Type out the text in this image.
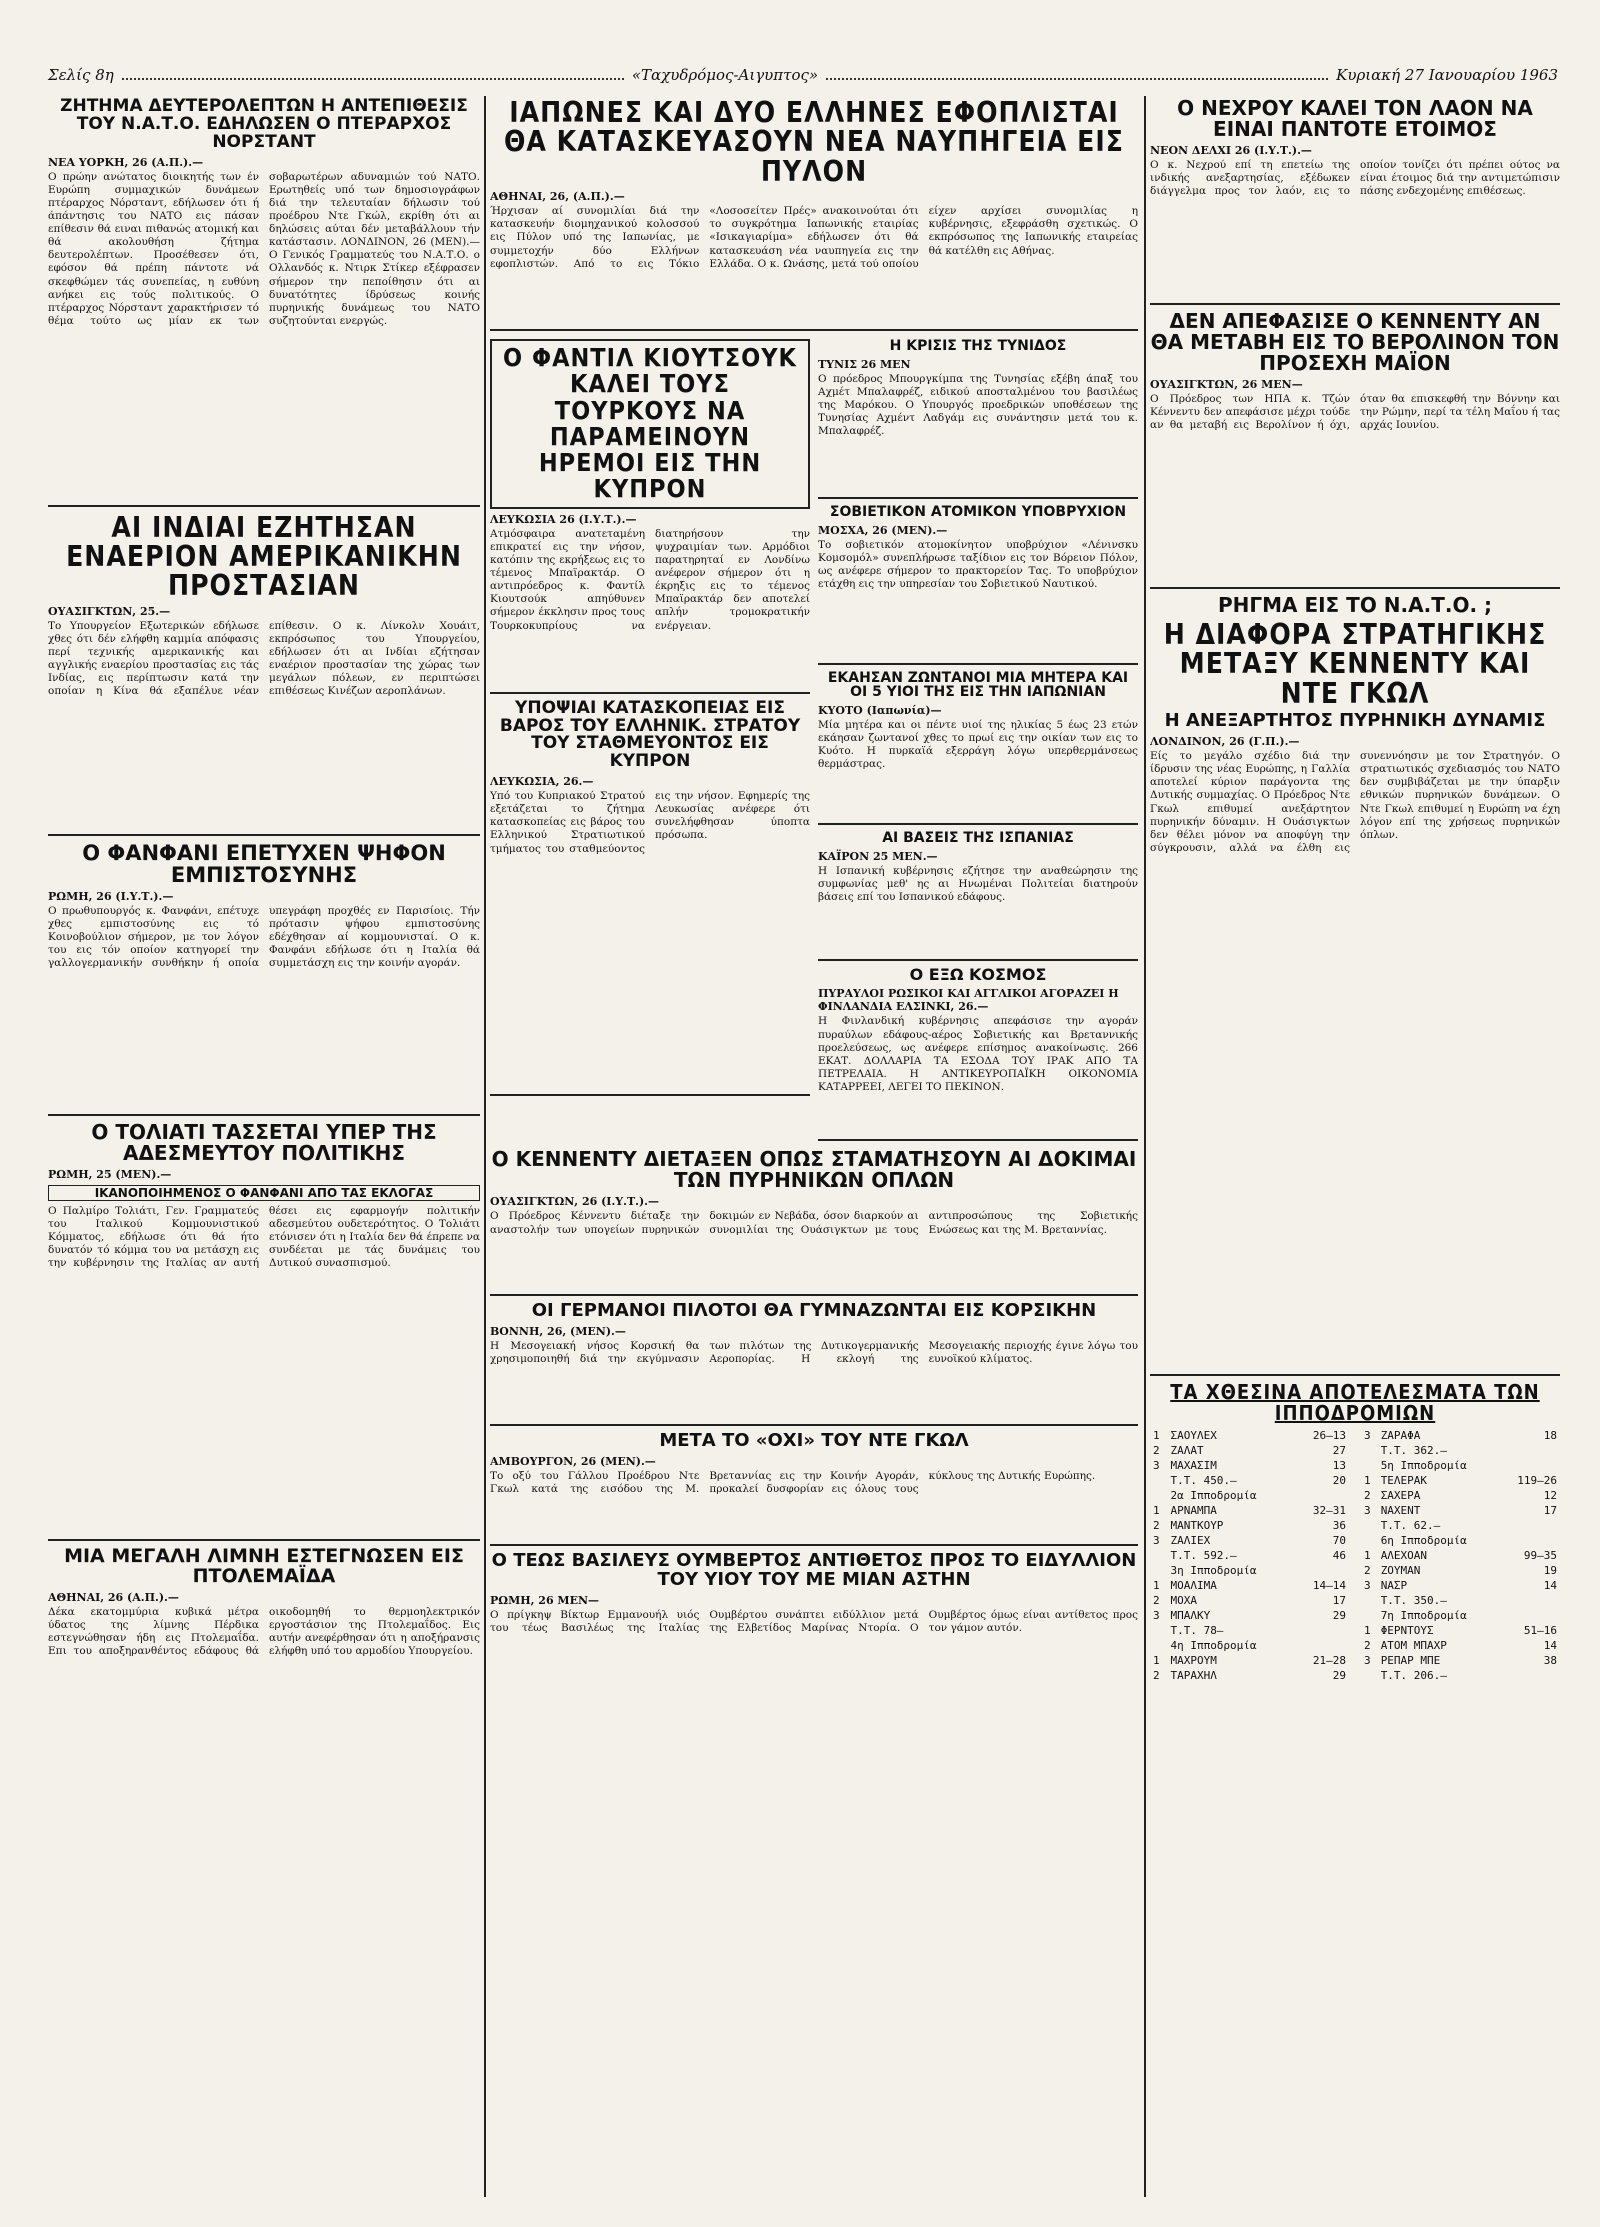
Σελίς 8η	«Ταχυδρόμος-Αιγυπτος»	Κυριακή 27 Ιανουαρίου 1963
ΖΗΤΗΜΑ ΔΕΥΤΕΡΟΛΕΠΤΩΝ Η ΑΝΤΕΠΙΘΕΣΙΣ ΤΟΥ Ν.Α.Τ.Ο. ΕΔΗΛΩΣΕΝ Ο ΠΤΕΡΑΡΧΟΣ ΝΟΡΣΤΑΝΤ
ΝΕΑ ΥΟΡΚΗ, 26 (Α.Π.).—
Ο πρώην ανώτατος διοικητής των έν Ευρώπη συμμαχικών δυνάμεων πτέραρχος Νόρσταντ, εδήλωσεν ότι ή άπάντησις του ΝΑΤΟ εις πάσαν επίθεσιν θά ειναι πιθανώς ατομική και θά ακολουθήση ζήτημα δευτερολέπτων. Προσέθεσεν ότι, εφόσον θά πρέπη πάντοτε νά σκεφθώμεν τάς συνεπείας, η ευθύνη ανήκει εις τούς πολιτικούς. Ο πτέραρχος Νόρσταντ χαρακτήρισεν τό θέμα τούτο ως μίαν εκ των σοβαρωτέρων αδυναμιών τού ΝΑΤΟ. Ερωτηθείς υπό των δημοσιογράφων διά την τελευταίαν δήλωσιν τού προέδρου Ντε Γκώλ, εκρίθη ότι αι δηλώσεις αύται δέν μεταβάλλουν τήν κατάστασιν. ΛΟΝΔΙΝΟΝ, 26 (ΜΕΝ).— Ο Γενικός Γραμματεύς του Ν.Α.Τ.Ο. ο Ολλανδός κ. Ντιρκ Στίκερ εξέφρασεν σήμερον την πεποίθησιν ότι αι δυνατότητες ίδρύσεως κοινής πυρηνικής δυνάμεως του ΝΑΤΟ συζητούνται ενεργώς.
ΑΙ ΙΝΔΙΑΙ ΕΖΗΤΗΣΑΝ ΕΝΑΕΡΙΟΝ ΑΜΕΡΙΚΑΝΙΚΗΝ ΠΡΟΣΤΑΣΙΑΝ
ΟΥΑΣΙΓΚΤΩΝ, 25.—
Το Υπουργείον Εξωτερικών εδήλωσε χθες ότι δέν ελήφθη καμμία απόφασις περί τεχνικής αμερικανικής και αγγλικής εναερίου προστασίας εις τάς Ινδίας, εις περίπτωσιν κατά την οποίαν η Κίνα θά εξαπέλυε νέαν επίθεσιν. Ο κ. Λίνκολν Χουάιτ, εκπρόσωπος του Υπουργείου, εδήλωσεν ότι αι Ινδίαι εζήτησαν εναέριον προστασίαν της χώρας των μεγάλων πόλεων, εν περιπτώσει επιθέσεως Κινέζων αεροπλάνων.
Ο ΦΑΝΦΑΝΙ ΕΠΕΤΥΧΕΝ ΨΗΦΟΝ ΕΜΠΙΣΤΟΣΥΝΗΣ
ΡΩΜΗ, 26 (Ι.Υ.Τ.).—
Ο πρωθυπουργός κ. Φανφάνι, επέτυχε χθες εμπιστοσύνης εις τό Κοινοβούλιον σήμερον, με τον λόγον του εις τόν οποίον κατηγορεί την γαλλογερμανικήν συνθήκην ή οποία υπεγράφη προχθές εν Παρισίοις. Τήν πρότασιν ψήφου εμπιστοσύνης εδέχθησαν αί κομμουνισταί. Ο κ. Φανφάνι εδήλωσε ότι η Ιταλία θά συμμετάσχη εις την κοινήν αγοράν.
Ο ΤΟΛΙΑΤΙ ΤΑΣΣΕΤΑΙ ΥΠΕΡ ΤΗΣ ΑΔΕΣΜΕΥΤΟΥ ΠΟΛΙΤΙΚΗΣ
ΡΩΜΗ, 25 (ΜΕΝ).—
ΙΚΑΝΟΠΟΙΗΜΕΝΟΣ Ο ΦΑΝΦΑΝΙ ΑΠΟ ΤΑΣ ΕΚΛΟΓΑΣ
Ο Παλμίρο Τολιάτι, Γεν. Γραμματεύς του Ιταλικού Κομμουνιστικού Κόμματος, εδήλωσε ότι θά ήτο δυνατόν τό κόμμα του να μετάσχη εις την κυβέρνησιν της Ιταλίας αν αυτή θέσει εις εφαρμογήν πολιτικήν αδεσμεύτου ουδετερότητος. Ο Τολιάτι ετόνισεν ότι η Ιταλία δεν θά έπρεπε να συνδέεται με τάς δυνάμεις του Δυτικού συνασπισμού.
ΜΙΑ ΜΕΓΑΛΗ ΛΙΜΝΗ ΕΣΤΕΓΝΩΣΕΝ ΕΙΣ ΠΤΟΛΕΜΑΪΔΑ
ΑΘΗΝΑΙ, 26 (Α.Π.).—
Δέκα εκατομμύρια κυβικά μέτρα ύδατος της λίμνης Πέρδικα εστεγνώθησαν ήδη εις Πτολεμαΐδα. Επι του αποξηρανθέντος εδάφους θά οικοδομηθή το θερμοηλεκτρικόν εργοστάσιον της Πτολεμαΐδος. Εις αυτήν ανεφέρθησαν ότι η αποξήρανσις ελήφθη υπό του αρμοδίου Υπουργείου.
ΙΑΠΩΝΕΣ ΚΑΙ ΔΥΟ ΕΛΛΗΝΕΣ ΕΦΟΠΛΙΣΤΑΙ ΘΑ ΚΑΤΑΣΚΕΥΑΣΟΥΝ ΝΕΑ ΝΑΥΠΗΓΕΙΑ ΕΙΣ ΠΥΛΟΝ
ΑΘΗΝΑΙ, 26, (Α.Π.).—
Ήρχισαν αί συνομιλίαι διά την κατασκευήν διομηχανικού κολοσσού εις Πύλον υπό της Ιαπωνίας, με συμμετοχήν δύο Ελλήνων εφοπλιστών. Από το εις Τόκιο «Λοσοσείτεν Πρές» ανακοινούται ότι το συγκρότημα Ιαπωνικής εταιρίας «Ισικαγιαρίμα» εδήλωσεν ότι θά κατασκευάση νέα ναυπηγεία εις την Ελλάδα. Ο κ. Ωνάσης, μετά τού οποίου είχεν αρχίσει συνομιλίας η κυβέρνησις, εξεφράσθη σχετικώς. Ο εκπρόσωπος της Ιαπωνικής εταιρείας θά κατέλθη εις Αθήνας.
Ο ΦΑΝΤΙΛ ΚΙΟΥΤΣΟΥΚ ΚΑΛΕΙ ΤΟΥΣ ΤΟΥΡΚΟΥΣ ΝΑ ΠΑΡΑΜΕΙΝΟΥΝ ΗΡΕΜΟΙ ΕΙΣ ΤΗΝ ΚΥΠΡΟΝ
ΛΕΥΚΩΣΙΑ 26 (Ι.Υ.Τ.).—
Ατμόσφαιρα ανατεταμένη επικρατεί εις την νήσον, κατόπιν της εκρήξεως εις το τέμενος Μπαϊρακτάρ. Ο αντιπρόεδρος κ. Φαντίλ Κιουτσούκ απηύθυνεν σήμερον έκκλησιν προς τους Τουρκοκυπρίους να διατηρήσουν την ψυχραιμίαν των. Αρμόδιοι παρατηρηταί εν Λονδίνω ανέφερον σήμερον ότι η έκρηξις εις το τέμενος Μπαϊρακτάρ δεν αποτελεί απλήν τρομοκρατικήν ενέργειαν.
ΥΠΟΨΙΑΙ ΚΑΤΑΣΚΟΠΕΙΑΣ ΕΙΣ ΒΑΡΟΣ ΤΟΥ ΕΛΛΗΝΙΚ. ΣΤΡΑΤΟΥ ΤΟΥ ΣΤΑΘΜΕΥΟΝΤΟΣ ΕΙΣ ΚΥΠΡΟΝ
ΛΕΥΚΩΣΙΑ, 26.—
Υπό του Κυπριακού Στρατού εξετάζεται το ζήτημα κατασκοπείας εις βάρος του Ελληνικού Στρατιωτικού τμήματος του σταθμεύοντος εις την νήσον. Εφημερίς της Λευκωσίας ανέφερε ότι συνελήφθησαν ύποπτα πρόσωπα.
Η ΚΡΙΣΙΣ ΤΗΣ ΤΥΝΙΔΟΣ
ΤΥΝΙΣ 26 ΜΕΝ
Ο πρόεδρος Μπουργκίμπα της Τυνησίας εξέβη άπαξ του Αχμέτ Μπαλαφρέζ, ειδικού αποσταλμένου του βασιλέως της Μαρόκου. Ο Υπουργός προεδρικών υποθέσεων της Τυνησίας Αχμέντ Λαδγάμ εις συνάντησιν μετά του κ. Μπαλαφρέζ.
ΣΟΒΙΕΤΙΚΟΝ ΑΤΟΜΙΚΟΝ ΥΠΟΒΡΥΧΙΟΝ
ΜΟΣΧΑ, 26 (ΜΕΝ).—
Το σοβιετικόν ατομοκίνητον υποβρύχιον «Λένινσκυ Κομσομόλ» συνεπλήρωσε ταξίδιον εις τον Βόρειον Πόλον, ως ανέφερε σήμερον το πρακτορείον Τας. Το υποβρύχιον ετάχθη εις την υπηρεσίαν του Σοβιετικού Ναυτικού.
ΕΚΑΗΣΑΝ ΖΩΝΤΑΝΟΙ ΜΙΑ ΜΗΤΕΡΑ ΚΑΙ ΟΙ 5 ΥΙΟΙ ΤΗΣ ΕΙΣ ΤΗΝ ΙΑΠΩΝΙΑΝ
ΚΥΟΤΟ (Ιαπωνία)—
Μία μητέρα και οι πέντε υιοί της ηλικίας 5 έως 23 ετών εκάησαν ζωντανοί χθες το πρωί εις την οικίαν των εις το Κυότο. Η πυρκαϊά εξερράγη λόγω υπερθερμάνσεως θερμάστρας.
ΑΙ ΒΑΣΕΙΣ ΤΗΣ ΙΣΠΑΝΙΑΣ
ΚΑΪΡΟΝ 25 ΜΕΝ.—
Η Ισπανική κυβέρνησις εζήτησε την αναθεώρησιν της συμφωνίας μεθ' ης αι Ηνωμέναι Πολιτείαι διατηρούν βάσεις επί του Ισπανικού εδάφους.
Ο ΕΞΩ ΚΟΣΜΟΣ
ΠΥΡΑΥΛΟΙ ΡΩΣΙΚΟΙ ΚΑΙ ΑΓΓΛΙΚΟΙ ΑΓΟΡΑΖΕΙ Η ΦΙΝΛΑΝΔΙΑ ΕΛΣΙΝΚΙ, 26.—
Η Φινλανδική κυβέρνησις απεφάσισε την αγοράν πυραύλων εδάφους-αέρος Σοβιετικής και Βρεταννικής προελεύσεως, ως ανέφερε επίσημος ανακοίνωσις. 266 ΕΚΑΤ. ΔΟΛΛΑΡΙΑ ΤΑ ΕΣΟΔΑ ΤΟΥ ΙΡΑΚ ΑΠΟ ΤΑ ΠΕΤΡΕΛΑΙΑ. Η ΑΝΤΙΚΕΥΡΟΠΑΪΚΗ ΟΙΚΟΝΟΜΙΑ ΚΑΤΑΡΡΕΕΙ, ΛΕΓΕΙ ΤΟ ΠΕΚΙΝΟΝ.
Ο ΚΕΝΝΕΝΤΥ ΔΙΕΤΑΞΕΝ ΟΠΩΣ ΣΤΑΜΑΤΗΣΟΥΝ ΑΙ ΔΟΚΙΜΑΙ ΤΩΝ ΠΥΡΗΝΙΚΩΝ ΟΠΛΩΝ
ΟΥΑΣΙΓΚΤΩΝ, 26 (Ι.Υ.Τ.).—
Ο Πρόεδρος Κέννεντυ διέταξε την αναστολήν των υπογείων πυρηνικών δοκιμών εν Νεβάδα, όσον διαρκούν αι συνομιλίαι της Ουάσιγκτων με τους αντιπροσώπους της Σοβιετικής Ενώσεως και της Μ. Βρεταννίας.
ΟΙ ΓΕΡΜΑΝΟΙ ΠΙΛΟΤΟΙ ΘΑ ΓΥΜΝΑΖΩΝΤΑΙ ΕΙΣ ΚΟΡΣΙΚΗΝ
ΒΟΝΝΗ, 26, (ΜΕΝ).—
Η Μεσογειακή νήσος Κορσική θα χρησιμοποιηθή διά την εκγύμνασιν των πιλότων της Δυτικογερμανικής Αεροπορίας. Η εκλογή της Μεσογειακής περιοχής έγινε λόγω του ευνοϊκού κλίματος.
ΜΕΤΑ ΤΟ «ΟΧΙ» ΤΟΥ ΝΤΕ ΓΚΩΛ
ΑΜΒΟΥΡΓΟΝ, 26 (ΜΕΝ).—
Το οξύ του Γάλλου Προέδρου Ντε Γκωλ κατά της εισόδου της Μ. Βρεταννίας εις την Κοινήν Αγοράν, προκαλεί δυσφορίαν εις όλους τους κύκλους της Δυτικής Ευρώπης.
Ο ΤΕΩΣ ΒΑΣΙΛΕΥΣ ΟΥΜΒΕΡΤΟΣ ΑΝΤΙΘΕΤΟΣ ΠΡΟΣ ΤΟ ΕΙΔΥΛΛΙΟΝ ΤΟΥ ΥΙΟΥ ΤΟΥ ΜΕ ΜΙΑΝ ΑΣΤΗΝ
ΡΩΜΗ, 26 ΜΕΝ—
Ο πρίγκηψ Βίκτωρ Εμμανουήλ υιός του τέως Βασιλέως της Ιταλίας Ουμβέρτου συνάπτει ειδύλλιον μετά της Ελβετίδος Μαρίνας Ντορία. Ο Ουμβέρτος όμως είναι αντίθετος προς τον γάμον αυτόν.
Ο ΝΕΧΡΟΥ ΚΑΛΕΙ ΤΟΝ ΛΑΟΝ ΝΑ ΕΙΝΑΙ ΠΑΝΤΟΤΕ ΕΤΟΙΜΟΣ
ΝΕΟΝ ΔΕΛΧΙ 26 (Ι.Υ.Τ.).—
Ο κ. Νεχρού επί τη επετείω της ινδικής ανεξαρτησίας, εξέδωκεν διάγγελμα προς τον λαόν, εις το οποίον τονίζει ότι πρέπει ούτος να είναι έτοιμος διά την αντιμετώπισιν πάσης ενδεχομένης επιθέσεως.
ΔΕΝ ΑΠΕΦΑΣΙΣΕ Ο ΚΕΝΝΕΝΤΥ ΑΝ ΘΑ ΜΕΤΑΒΗ ΕΙΣ ΤΟ ΒΕΡΟΛΙΝΟΝ ΤΟΝ ΠΡΟΣΕΧΗ ΜΑΪΟΝ
ΟΥΑΣΙΓΚΤΩΝ, 26 ΜΕΝ—
Ο Πρόεδρος των ΗΠΑ κ. Τζών Κέννεντυ δεν απεφάσισε μέχρι τούδε αν θα μεταβή εις Βερολίνον ή όχι, όταν θα επισκεφθή την Βόννην και την Ρώμην, περί τα τέλη Μαΐου ή τας αρχάς Ιουνίου.
ΡΗΓΜΑ ΕΙΣ ΤΟ Ν.Α.Τ.Ο. ;
Η ΔΙΑΦΟΡΑ ΣΤΡΑΤΗΓΙΚΗΣ ΜΕΤΑΞΥ ΚΕΝΝΕΝΤΥ ΚΑΙ ΝΤΕ ΓΚΩΛ
Η ΑΝΕΞΑΡΤΗΤΟΣ ΠΥΡΗΝΙΚΗ ΔΥΝΑΜΙΣ
ΛΟΝΔΙΝΟΝ, 26 (Γ.Π.).—
Είς το μεγάλο σχέδιο διά την ίδρυσιν της νέας Ευρώπης, η Γαλλία αποτελεί κύριον παράγοντα της Δυτικής συμμαχίας. Ο Πρόεδρος Ντε Γκωλ επιθυμεί ανεξάρτητον πυρηνικήν δύναμιν. Η Ουάσιγκτων δεν θέλει μόνον να αποφύγη την σύγκρουσιν, αλλά να έλθη εις συνεννόησιν με τον Στρατηγόν. Ο στρατιωτικός σχεδιασμός του ΝΑΤΟ δεν συμβιβάζεται με την ύπαρξιν εθνικών πυρηνικών δυνάμεων. Ο Ντε Γκωλ επιθυμεί η Ευρώπη να έχη λόγον επί της χρήσεως πυρηνικών όπλων.
ΤΑ ΧΘΕΣΙΝΑ ΑΠΟΤΕΛΕΣΜΑΤΑ ΤΩΝ ΙΠΠΟΔΡΟΜΙΩΝ
1	ΣΑΟΥΛΕΧ	26—13
2	ΖΑΛΑΤ	27
3	ΜΑΧΑΣΙΜ	13
	Τ.Τ. 450.—	20
	2α Ιπποδρομία	
1	ΑΡΝΑΜΠΑ	32—31
2	ΜΑΝΤΚΟΥΡ	36
3	ΖΑΛΙΕΧ	70
	Τ.Τ. 592.—	46
	3η Ιπποδρομία	
1	ΜΟΑΛΙΜΑ	14—14
2	ΜΟΧΑ	17
3	ΜΠΑΛΚΥ	29
	Τ.Τ. 78—	
	4η Ιπποδρομία	
1	ΜΑΧΡΟΥΜ	21—28
2	ΤΑΡΑΧΗΛ	29
3	ΖΑΡΑΦΑ	18
	Τ.Τ. 362.—	
	5η Ιπποδρομία	
1	ΤΕΛΕΡΑΚ	119—26
2	ΣΑΧΕΡΑ	12
3	ΝΑΧΕΝΤ	17
	Τ.Τ. 62.—	
	6η Ιπποδρομία	
1	ΑΛΕΧΟΑΝ	99—35
2	ΖΟΥΜΑΝ	19
3	ΝΑΣΡ	14
	Τ.Τ. 350.—	
	7η Ιπποδρομία	
1	ΦΕΡΝΤΟΥΣ	51—16
2	ΑΤΟΜ ΜΠΑΧΡ	14
3	ΡΕΠΑΡ ΜΠΕ	38
	Τ.Τ. 206.—	
